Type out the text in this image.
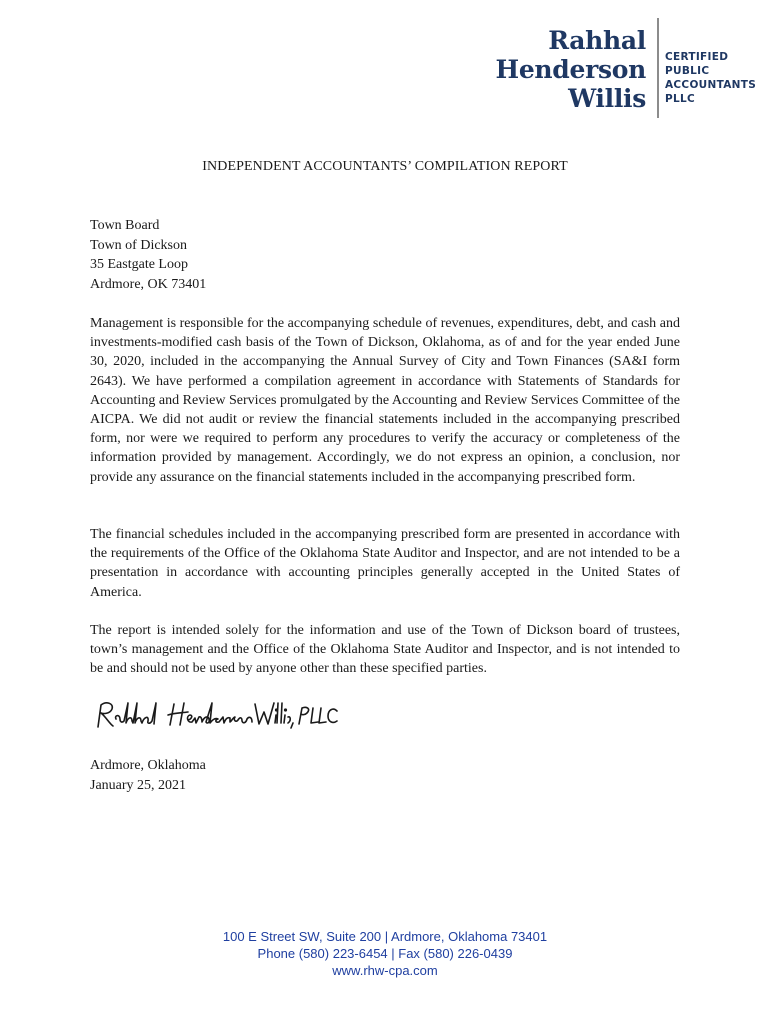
Rahhal
Henderson
Willis
CERTIFIED
PUBLIC
ACCOUNTANTS
PLLC
INDEPENDENT ACCOUNTANTS’ COMPILATION REPORT
Town Board
Town of Dickson
35 Eastgate Loop
Ardmore, OK 73401

Management is responsible for the accompanying schedule of revenues, expenditures, debt, and cash and investments-modified cash basis of the Town of Dickson, Oklahoma, as of and for the year ended June 30, 2020, included in the accompanying the Annual Survey of City and Town Finances (SA&I form 2643). We have performed a compilation agreement in accordance with Statements of Standards for Accounting and Review Services promulgated by the Accounting and Review Services Committee of the AICPA. We did not audit or review the financial statements included in the accompanying prescribed form, nor were we required to perform any procedures to verify the accuracy or completeness of the information provided by management. Accordingly, we do not express an opinion, a conclusion, nor provide any assurance on the financial statements included in the accompanying prescribed form.

The financial schedules included in the accompanying prescribed form are presented in accordance with the requirements of the Office of the Oklahoma State Auditor and Inspector, and are not intended to be a presentation in accordance with accounting principles generally accepted in the United States of America.

The report is intended solely for the information and use of the Town of Dickson board of trustees, town’s management and the Office of the Oklahoma State Auditor and Inspector, and is not intended to be and should not be used by anyone other than these specified parties.

Ardmore, Oklahoma
January 25, 2021
100 E Street SW, Suite 200 | Ardmore, Oklahoma 73401
Phone (580) 223-6454 | Fax (580) 226-0439
www.rhw-cpa.com
